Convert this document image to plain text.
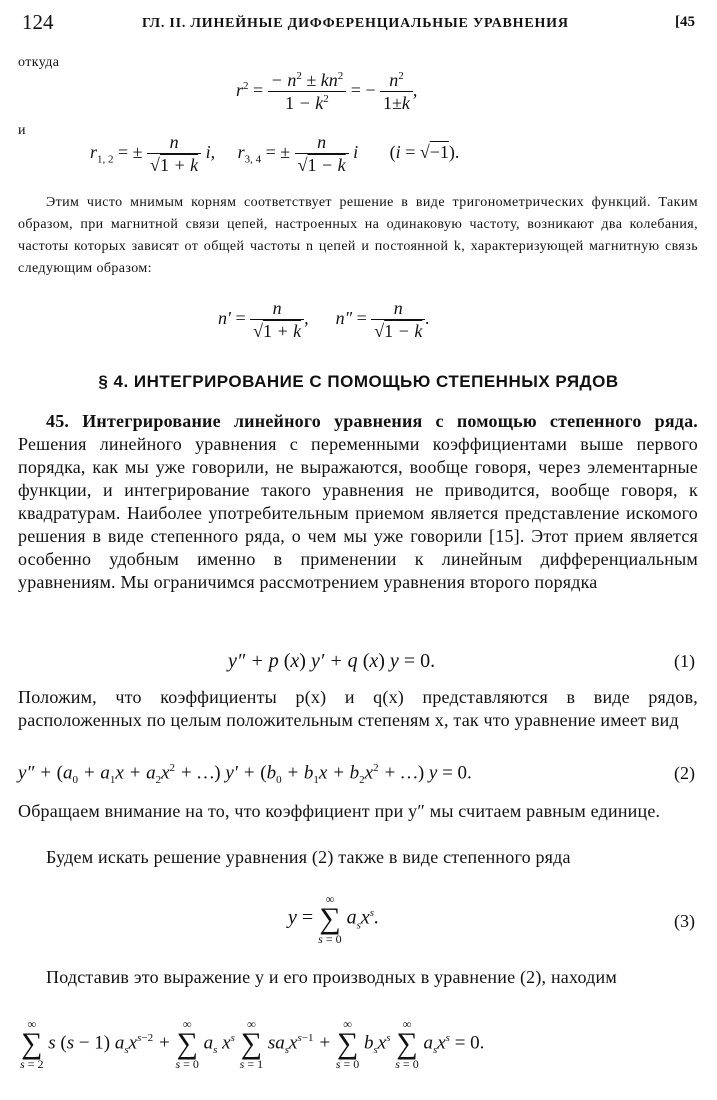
124	ГЛ. II. ЛИНЕЙНЫЕ ДИФФЕРЕНЦИАЛЬНЫЕ УРАВНЕНИЯ	[45
откуда
$r^2 = \frac{- n^2 \pm kn^2}{1 - k^2}$ = − $\frac{n^2}{1\pm k}$ ,
и
$r_{1, 2}$ = ± $\frac{n}{√1 + k} i$,     $r_{3, 4}$ = ± $\frac{n}{√1 - k}$ i       (i = √−1).

Этим чисто мнимым корням соответствует решение в виде тригонометрических функций. Таким образом, при магнитной связи цепей, настроенных на одинаковую частоту, возникают два колебания, частоты которых зависят от общей частоты n цепей и постоянной k, характеризующей магнитную связь следующим образом:

$n' = \frac{n}{√1 + k}$ ,      $n'' = \frac{n}{√1 - k}$ .
§ 4. ИНТЕГРИРОВАНИЕ С ПОМОЩЬЮ СТЕПЕННЫХ РЯДОВ

45. Интегрирование линейного уравнения с помощью степенного ряда. Решения линейного уравнения с переменными коэффициентами выше первого порядка, как мы уже говорили, не выражаются, вообще говоря, через элементарные функции, и интегрирование такого уравнения не приводится, вообще говоря, к квадратурам. Наиболее употребительным приемом является представление искомого решения в виде степенного ряда, о чем мы уже говорили [15]. Этот прием является особенно удобным именно в применении к линейным дифференциальным уравнениям. Мы ограничимся рассмотрением уравнения второго порядка

y″ + p (x) y′ + q (x) y = 0.	(1)

Положим, что коэффициенты p(x) и q(x) представляются в виде рядов, расположенных по целым положительным степеням x, так что уравнение имеет вид

$y'' + (a_0 + a_1x + a_2x^2$ + …) $y' + (b_0 + b_1x + b_2x^2$ + …) y = 0.	(2)

Обращаем внимание на то, что коэффициент при y″ мы считаем равным единице.

Будем искать решение уравнения (2) также в виде степенного ряда

y =
∞
∑
s = 0
$a_sx^s$.	(3)

Подставив это выражение y и его производных в уравнение (2), находим

∞
∑
s = 2
s (s − 1) $a_sx^{s-2}$ +
∞
∑
s = 0
$a_s$ $x^s$
∞
∑
s = 1
$sa_sx^{s-1}$ +
∞
∑
s = 0
$b_sx^s$
∞
∑
s = 0
$a_sx^s = 0$.
